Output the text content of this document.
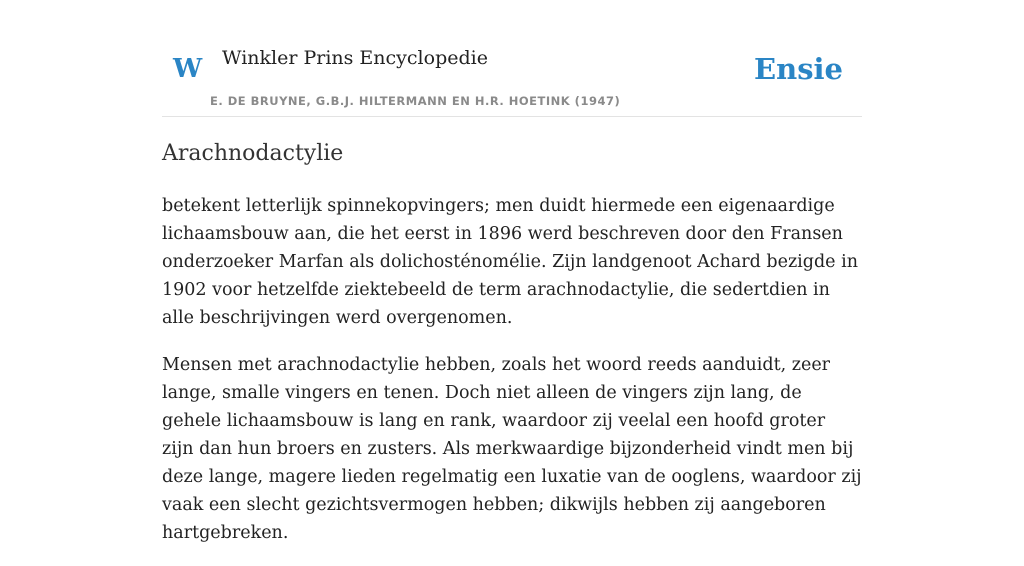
W Winkler Prins Encyclopedie
E. DE BRUYNE, G.B.J. HILTERMANN EN H.R. HOETINK (1947)
Ensie
Arachnodactylie

betekent letterlijk spinnekopvingers; men duidt hiermede een eigenaardige lichaamsbouw aan, die het eerst in 1896 werd beschreven door den Fransen onderzoeker Marfan als dolichosténomélie. Zijn landgenoot Achard bezigde in 1902 voor hetzelfde ziektebeeld de term arachnodactylie, die sedertdien in alle beschrijvingen werd overgenomen.

Mensen met arachnodactylie hebben, zoals het woord reeds aanduidt, zeer lange, smalle vingers en tenen. Doch niet alleen de vingers zijn lang, de gehele lichaamsbouw is lang en rank, waardoor zij veelal een hoofd groter zijn dan hun broers en zusters. Als merkwaardige bijzonderheid vindt men bij deze lange, magere lieden regelmatig een luxatie van de ooglens, waardoor zij vaak een slecht gezichtsvermogen hebben; dikwijls hebben zij aangeboren hartgebreken.
